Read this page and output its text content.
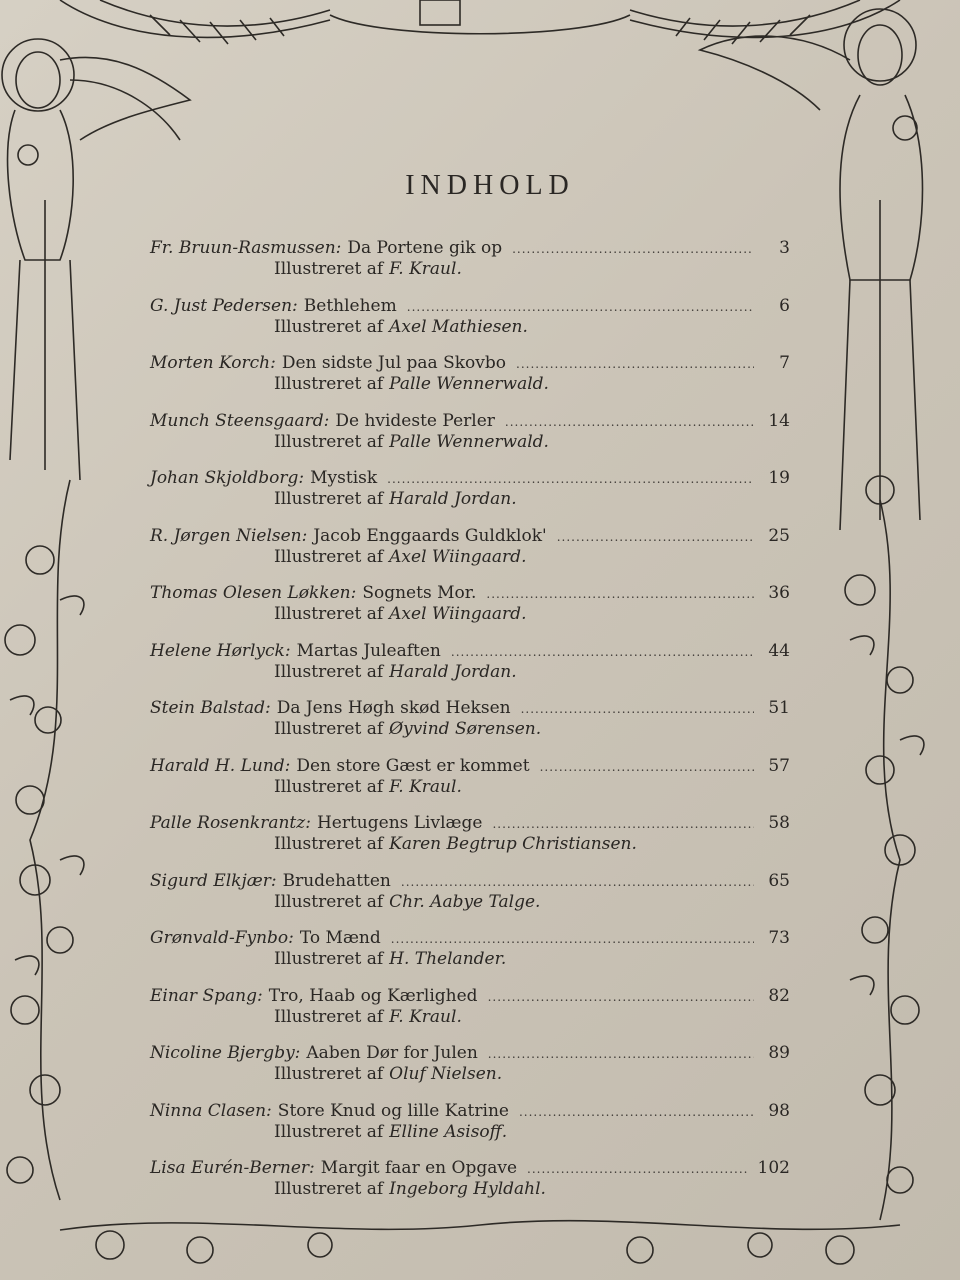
INDHOLD
Fr. Bruun-Rasmussen: Da Portene gik op .....	3
Illustreret af F. Kraul.
G. Just Pedersen: Bethlehem .....	6
Illustreret af Axel Mathiesen.
Morten Korch: Den sidste Jul paa Skovbo .....	7
Illustreret af Palle Wennerwald.
Munch Steensgaard: De hvideste Perler .....	14
Illustreret af Palle Wennerwald.
Johan Skjoldborg: Mystisk .....	19
Illustreret af Harald Jordan.
R. Jørgen Nielsen: Jacob Enggaards Guldklok' .....	25
Illustreret af Axel Wiingaard.
Thomas Olesen Løkken: Sognets Mor. .....	36
Illustreret af Axel Wiingaard.
Helene Hørlyck: Martas Juleaften .....	44
Illustreret af Harald Jordan.
Stein Balstad: Da Jens Høgh skød Heksen .....	51
Illustreret af Øyvind Sørensen.
Harald H. Lund: Den store Gæst er kommet .....	57
Illustreret af F. Kraul.
Palle Rosenkrantz: Hertugens Livlæge .....	58
Illustreret af Karen Begtrup Christiansen.
Sigurd Elkjær: Brudehatten .....	65
Illustreret af Chr. Aabye Talge.
Grønvald-Fynbo: To Mænd .....	73
Illustreret af H. Thelander.
Einar Spang: Tro, Haab og Kærlighed .....	82
Illustreret af F. Kraul.
Nicoline Bjergby: Aaben Dør for Julen .....	89
Illustreret af Oluf Nielsen.
Ninna Clasen: Store Knud og lille Katrine .....	98
Illustreret af Elline Asisoff.
Lisa Eurén-Berner: Margit faar en Opgave .....	102
Illustreret af Ingeborg Hyldahl.
